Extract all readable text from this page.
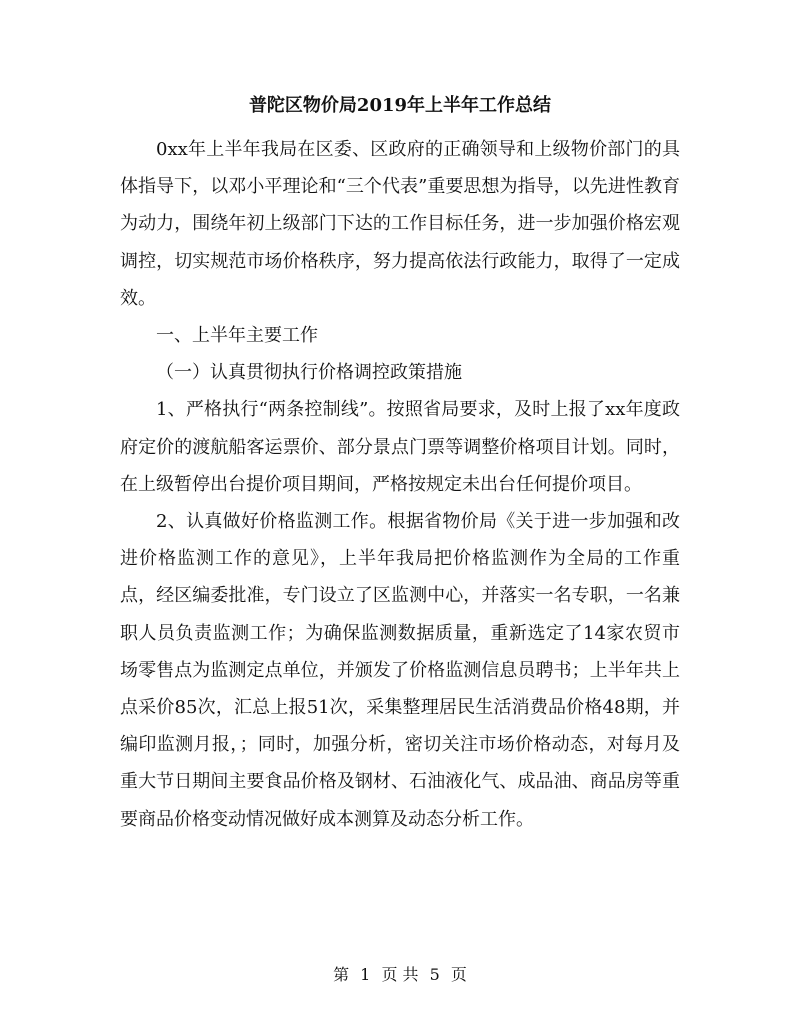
普陀区物价局2019年上半年工作总结

0xx年上半年我局在区委、区政府的正确领导和上级物价部门的具体指导下，以邓小平理论和“三个代表”重要思想为指导，以先进性教育为动力，围绕年初上级部门下达的工作目标任务，进一步加强价格宏观调控，切实规范市场价格秩序，努力提高依法行政能力，取得了一定成效。

一、上半年主要工作

（一）认真贯彻执行价格调控政策措施

1、严格执行“两条控制线”。按照省局要求，及时上报了xx年度政府定价的渡航船客运票价、部分景点门票等调整价格项目计划。同时，在上级暂停出台提价项目期间，严格按规定未出台任何提价项目。

2、认真做好价格监测工作。根据省物价局《关于进一步加强和改进价格监测工作的意见》，上半年我局把价格监测作为全局的工作重点，经区编委批准，专门设立了区监测中心，并落实一名专职，一名兼职人员负责监测工作；为确保监测数据质量，重新选定了14家农贸市场零售点为监测定点单位，并颁发了价格监测信息员聘书；上半年共上点采价85次，汇总上报51次，采集整理居民生活消费品价格48期，并编印监测月报，；同时，加强分析，密切关注市场价格动态，对每月及重大节日期间主要食品价格及钢材、石油液化气、成品油、商品房等重要商品价格变动情况做好成本测算及动态分析工作。

第 1 页 共 5 页
